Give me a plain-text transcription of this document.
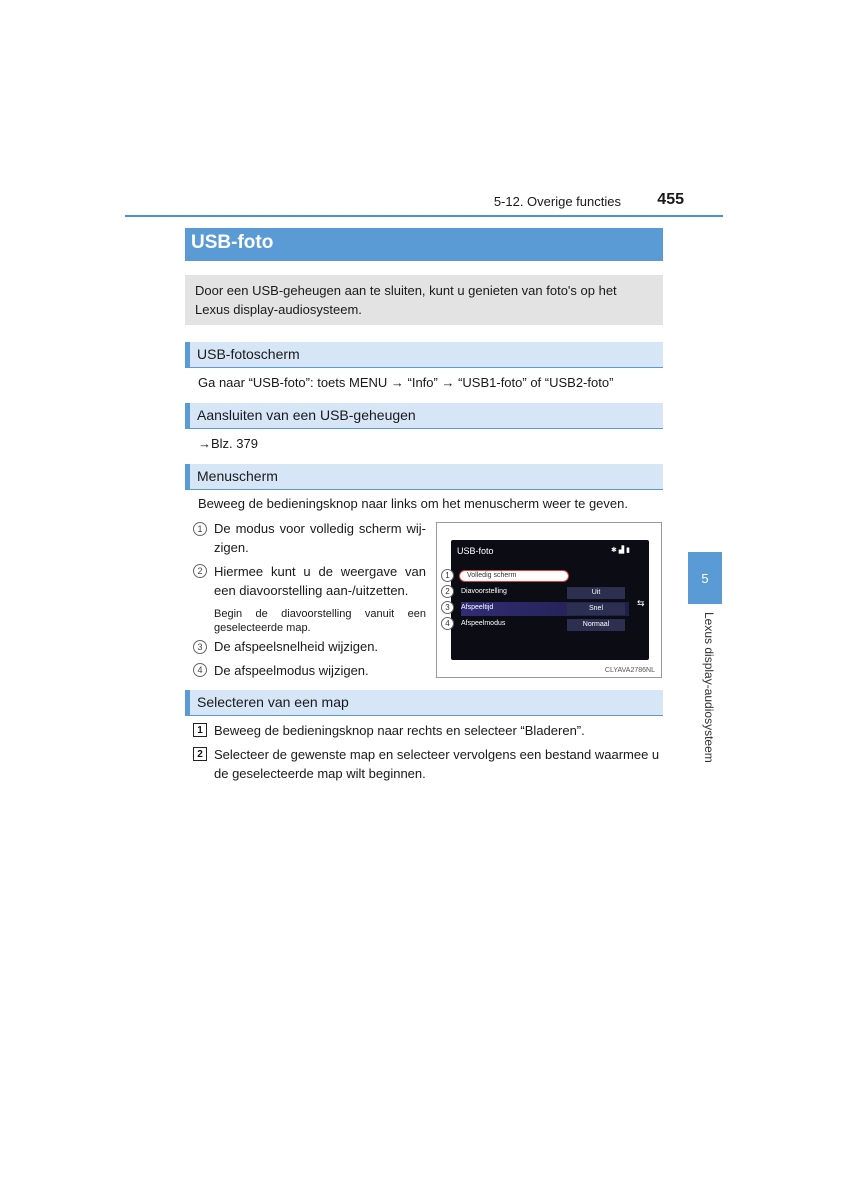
5-12. Overige functies	455
5
Lexus display-audiosysteem
USB-foto
Door een USB-geheugen aan te sluiten, kunt u genieten van foto's op het Lexus display-audiosysteem.
USB-fotoscherm
Ga naar “USB-foto”: toets MENU → “Info” → “USB1-foto” of “USB2-foto”
Aansluiten van een USB-geheugen
→Blz. 379
Menuscherm
Beweeg de bedieningsknop naar links om het menuscherm weer te geven.
1 De modus voor volledig scherm wij-
zigen.
2 Hiermee kunt u de weergave van
een diavoorstelling aan-/uitzetten.
Begin de diavoorstelling vanuit een
geselecteerde map.
3 De afspeelsnelheid wijzigen.
4 De afspeelmodus wijzigen.
USB-foto	✱ ▟ ▮
Volledig scherm
Diavoorstelling	Uit
Afspeeltijd	Snel
Afspeelmodus	Normaal
⇆
1
2
3
4
CLYAVA2786NL
Selecteren van een map
1 Beweeg de bedieningsknop naar rechts en selecteer “Bladeren”.
2 Selecteer de gewenste map en selecteer vervolgens een bestand waarmee u
de geselecteerde map wilt beginnen.
